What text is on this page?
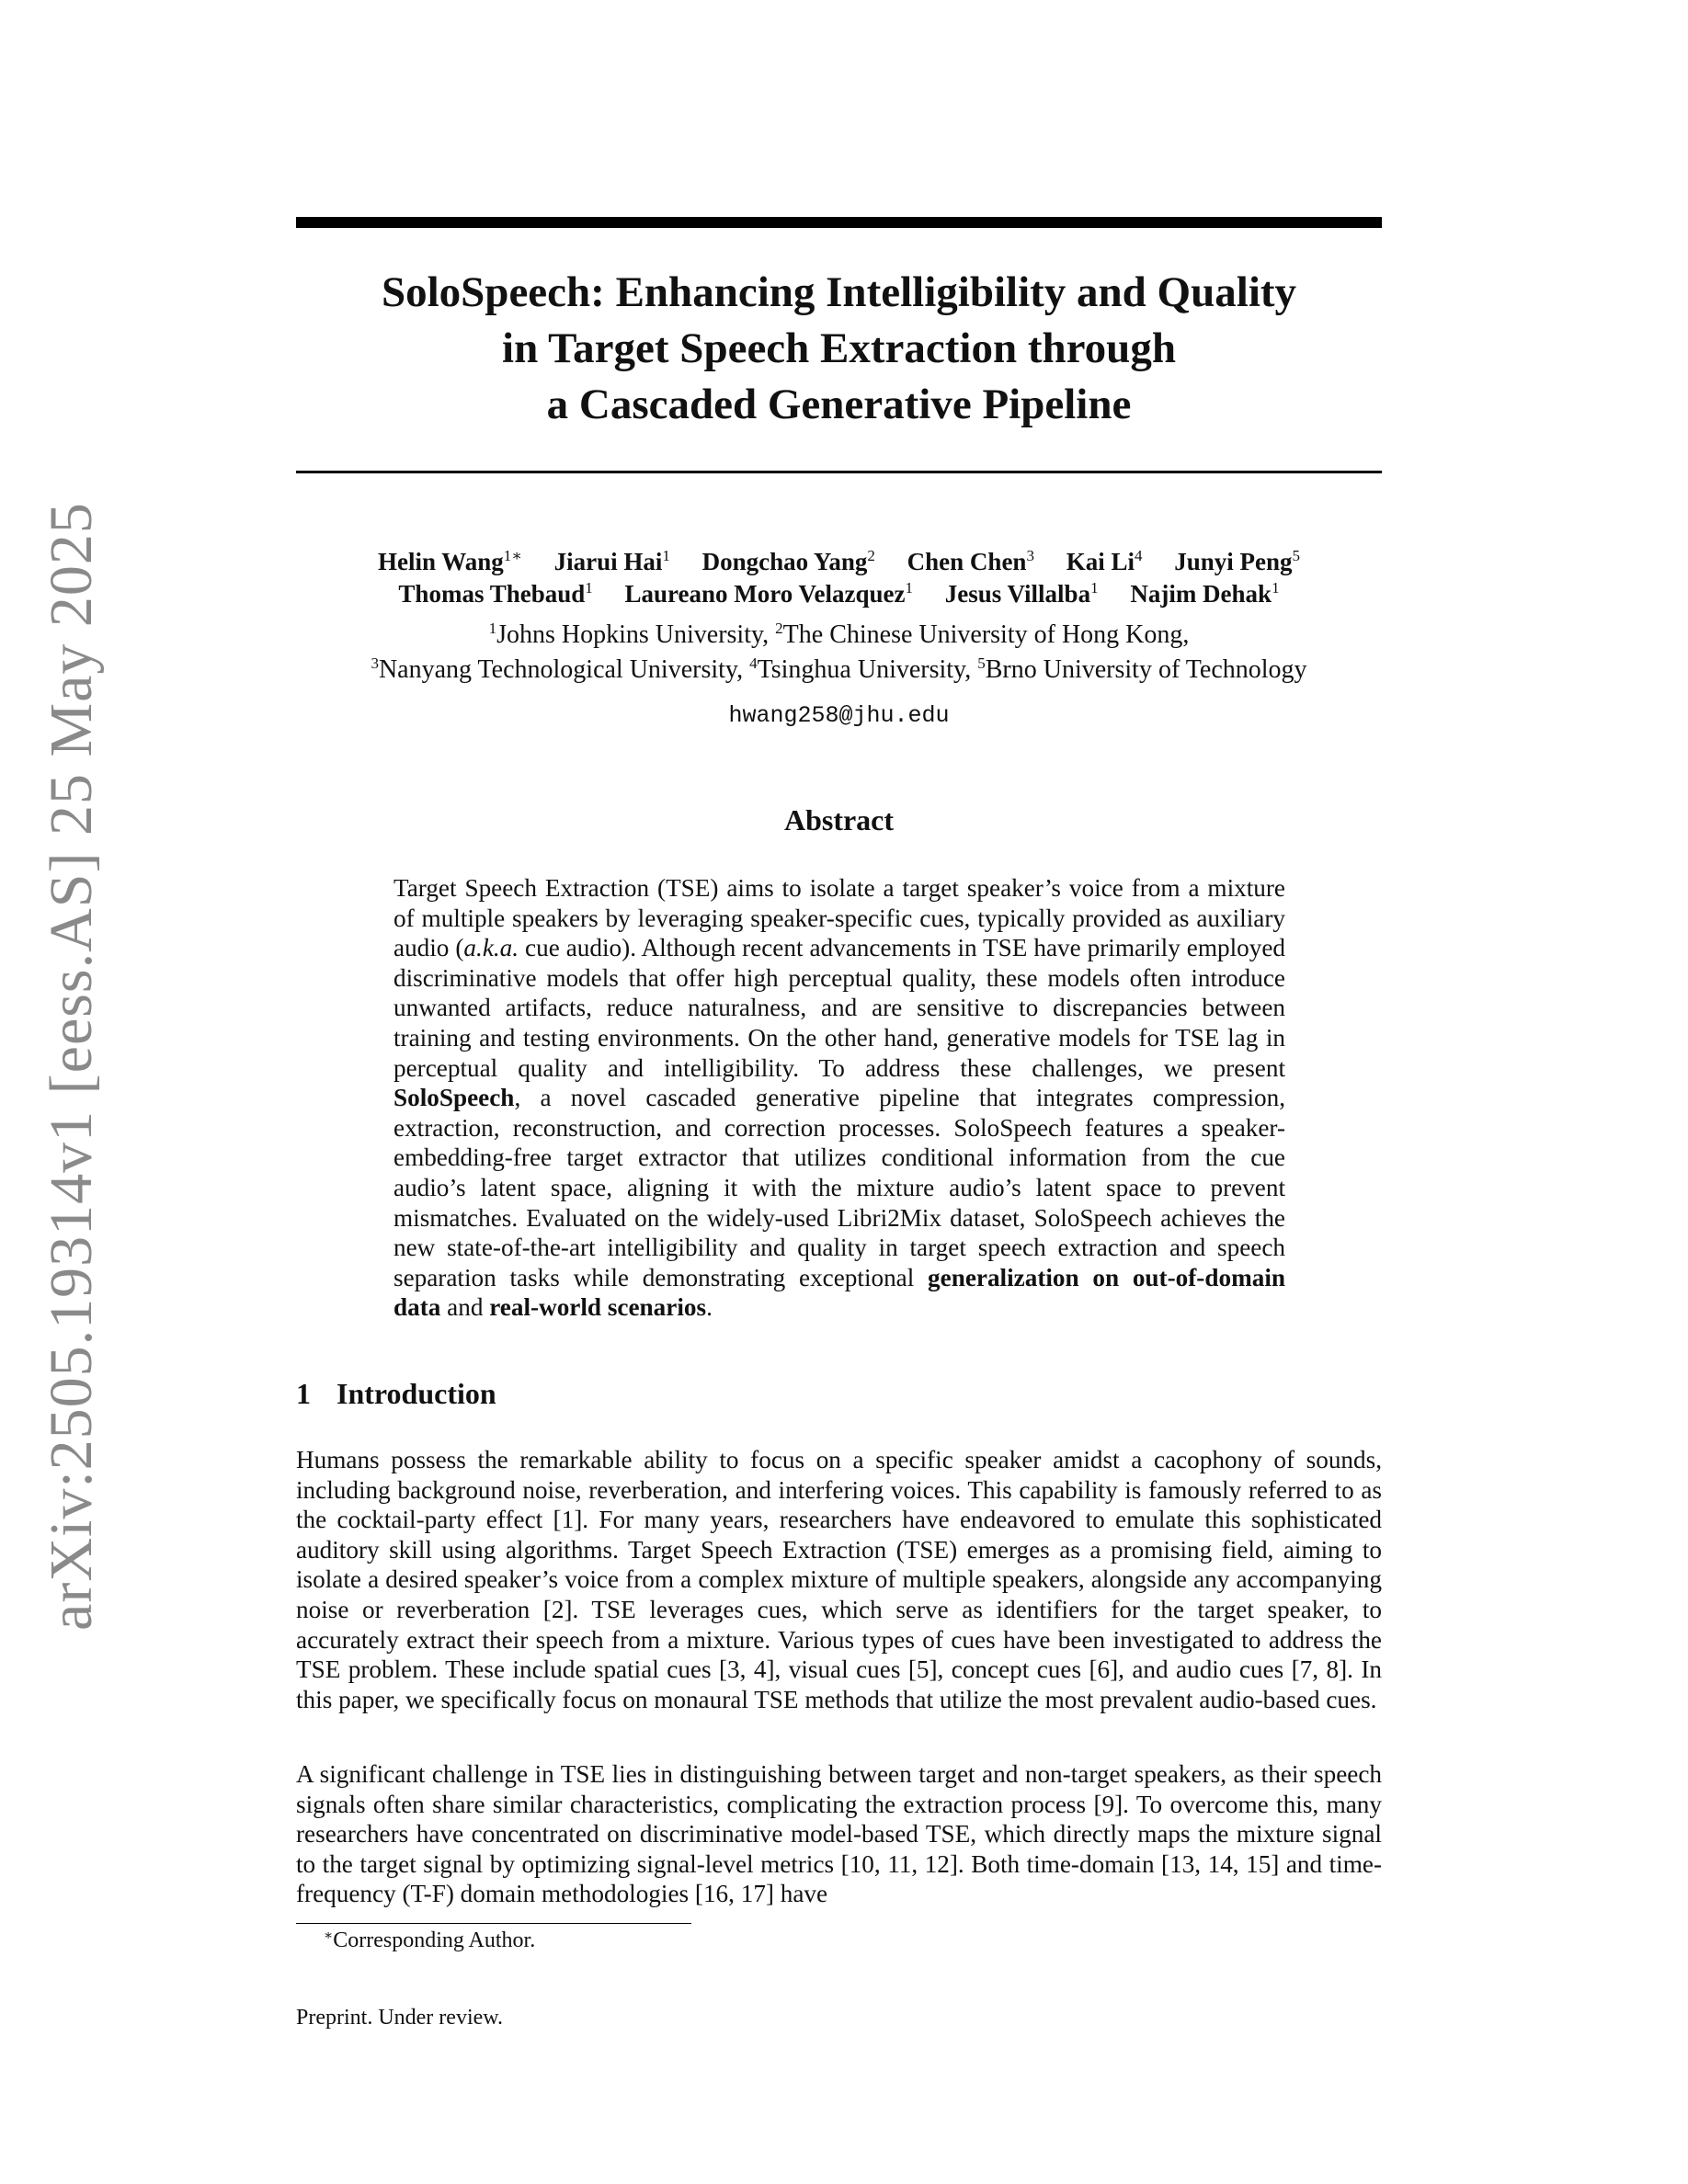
arXiv:2505.19314v1 [eess.AS] 25 May 2025
SoloSpeech: Enhancing Intelligibility and Quality
in Target Speech Extraction through
a Cascaded Generative Pipeline
Helin Wang$^{1∗}$ Jiarui Hai$^1$ Dongchao Yang$^2$ Chen Chen$^3$ Kai Li$^4$ Junyi Peng$^5$
Thomas Thebaud$^1$ Laureano Moro Velazquez$^1$ Jesus Villalba$^1$ Najim Dehak$^1$
$^1$Johns Hopkins University, $^2$The Chinese University of Hong Kong,
$^3$Nanyang Technological University, $^4$Tsinghua University, $^5$Brno University of Technology
hwang258@jhu.edu
Abstract

Target Speech Extraction (TSE) aims to isolate a target speaker’s voice from a mixture of multiple speakers by leveraging speaker-specific cues, typically provided as auxiliary audio (a.k.a. cue audio). Although recent advancements in TSE have primarily employed discriminative models that offer high perceptual quality, these models often introduce unwanted artifacts, reduce naturalness, and are sensitive to discrepancies between training and testing environments. On the other hand, generative models for TSE lag in perceptual quality and intelligibility. To address these challenges, we present SoloSpeech, a novel cascaded generative pipeline that integrates compression, extraction, reconstruction, and correction processes. SoloSpeech features a speaker-embedding-free target extractor that utilizes conditional information from the cue audio’s latent space, aligning it with the mixture audio’s latent space to prevent mismatches. Evaluated on the widely-used Libri2Mix dataset, SoloSpeech achieves the new state-of-the-art intelligibility and quality in target speech extraction and speech separation tasks while demonstrating exceptional generalization on out-of-domain data and real-world scenarios.

1 Introduction

Humans possess the remarkable ability to focus on a specific speaker amidst a cacophony of sounds, including background noise, reverberation, and interfering voices. This capability is famously referred to as the cocktail-party effect [1]. For many years, researchers have endeavored to emulate this sophisticated auditory skill using algorithms. Target Speech Extraction (TSE) emerges as a promising field, aiming to isolate a desired speaker’s voice from a complex mixture of multiple speakers, alongside any accompanying noise or reverberation [2]. TSE leverages cues, which serve as identifiers for the target speaker, to accurately extract their speech from a mixture. Various types of cues have been investigated to address the TSE problem. These include spatial cues [3, 4], visual cues [5], concept cues [6], and audio cues [7, 8]. In this paper, we specifically focus on monaural TSE methods that utilize the most prevalent audio-based cues.

A significant challenge in TSE lies in distinguishing between target and non-target speakers, as their speech signals often share similar characteristics, complicating the extraction process [9]. To overcome this, many researchers have concentrated on discriminative model-based TSE, which directly maps the mixture signal to the target signal by optimizing signal-level metrics [10, 11, 12]. Both time-domain [13, 14, 15] and time-frequency (T-F) domain methodologies [16, 17] have

∗Corresponding Author.
Preprint. Under review.
